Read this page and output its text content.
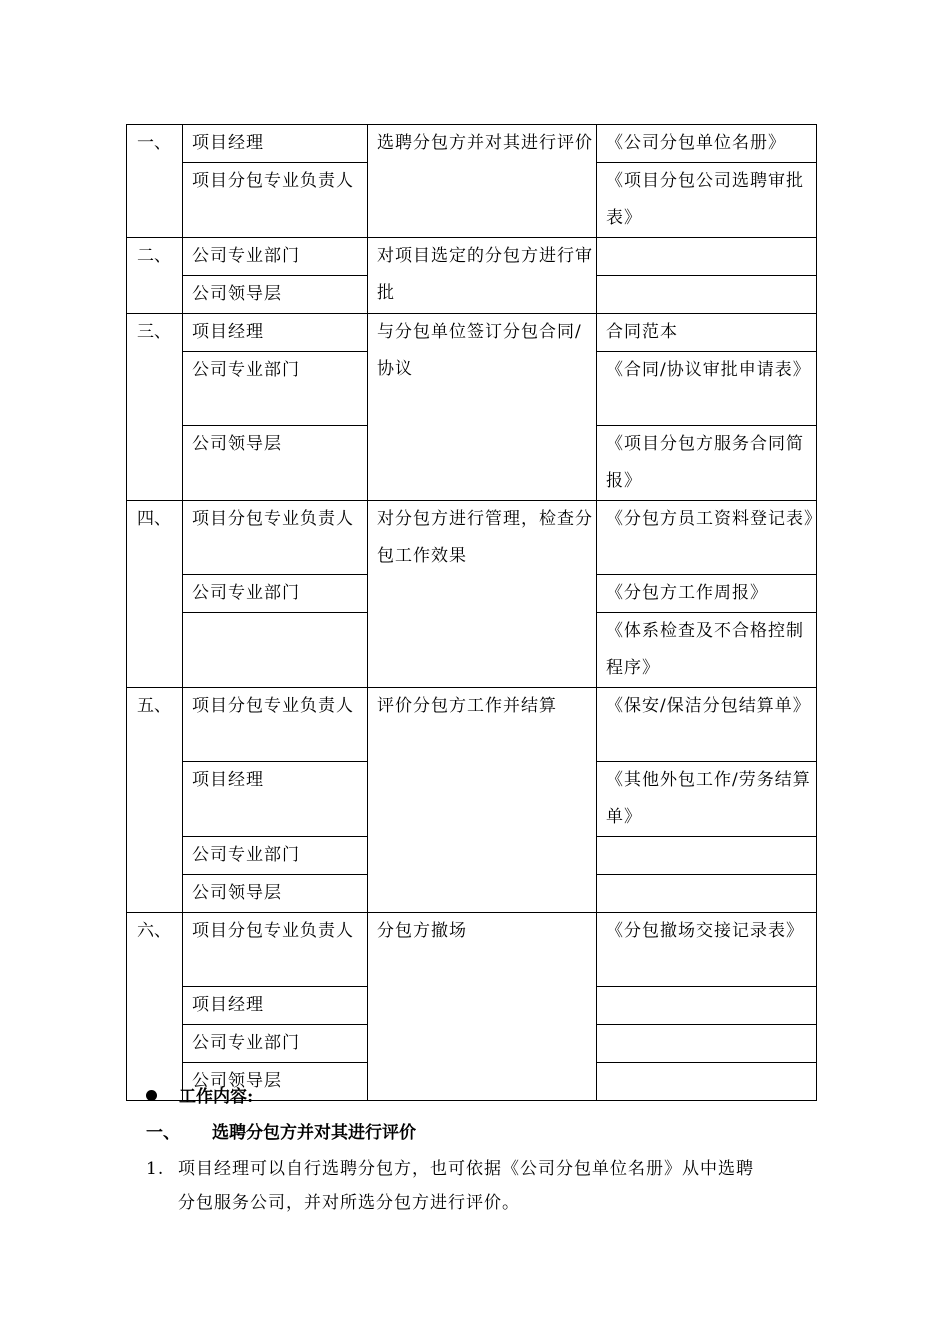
一、	项目经理	选聘分包方并对其进行评价	《公司分包单位名册》
	项目分包专业负责人		《项目分包公司选聘审批表》
二、	公司专业部门	对项目选定的分包方进行审批	
	公司领导层		
三、	项目经理	与分包单位签订分包合同/协议	合同范本
	公司专业部门		《合同/协议审批申请表》
	公司领导层		《项目分包方服务合同简报》
四、	项目分包专业负责人	对分包方进行管理，检查分包工作效果	《分包方员工资料登记表》
	公司专业部门		《分包方工作周报》
			《体系检查及不合格控制程序》
五、	项目分包专业负责人	评价分包方工作并结算	《保安/保洁分包结算单》
	项目经理		《其他外包工作/劳务结算单》
	公司专业部门		
	公司领导层		
六、	项目分包专业负责人	分包方撤场	《分包撤场交接记录表》
	项目经理		
	公司专业部门		
	公司领导层		
工作内容:
一、 选聘分包方并对其进行评价
1. 项目经理可以自行选聘分包方，也可依据《公司分包单位名册》从中选聘
分包服务公司，并对所选分包方进行评价。
